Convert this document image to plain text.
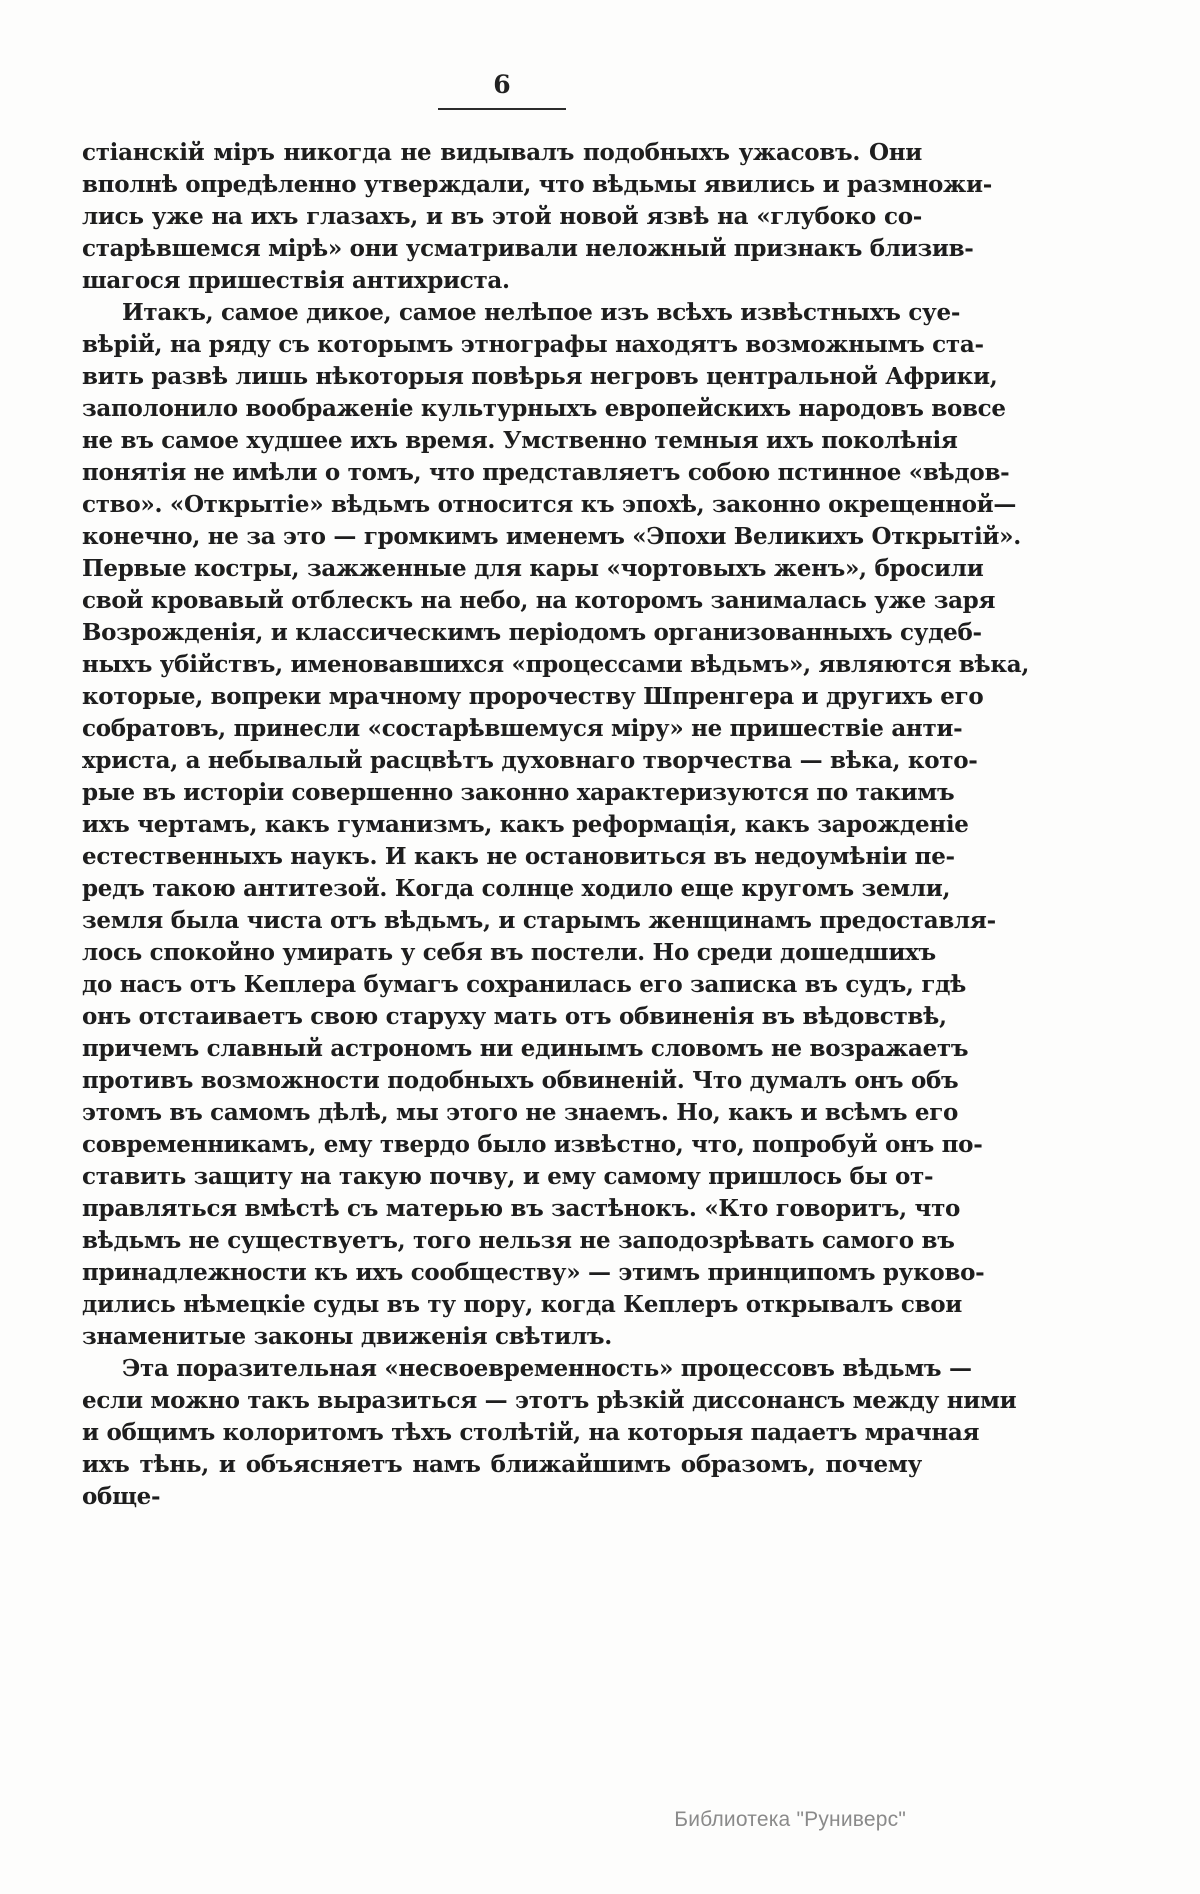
6

стіанскій міръ никогда не видывалъ подобныхъ ужасовъ. Они
вполнѣ опредѣленно утверждали, что вѣдьмы явились и размножи-
лись уже на ихъ глазахъ, и въ этой новой язвѣ на «глубоко со-
старѣвшемся мірѣ» они усматривали неложный признакъ близив-
шагося пришествія антихриста.

Итакъ, самое дикое, самое нелѣпое изъ всѣхъ извѣстныхъ суе-
вѣрій, на ряду съ которымъ этнографы находятъ возможнымъ ста-
вить развѣ лишь нѣкоторыя повѣрья негровъ центральной Африки,
заполонило воображеніе культурныхъ европейскихъ народовъ вовсе
не въ самое худшее ихъ время. Умственно темныя ихъ поколѣнія
понятія не имѣли о томъ, что представляетъ собою пстинное «вѣдов-
ство». «Открытіе» вѣдьмъ относится къ эпохѣ, законно окрещенной—
конечно, не за это — громкимъ именемъ «Эпохи Великихъ Открытій».
Первые костры, зажженные для кары «чортовыхъ женъ», бросили
свой кровавый отблескъ на небо, на которомъ занималась уже заря
Возрожденія, и классическимъ періодомъ организованныхъ судеб-
ныхъ убійствъ, именовавшихся «процессами вѣдьмъ», являются вѣка,
которые, вопреки мрачному пророчеству Шпренгера и другихъ его
собратовъ, принесли «состарѣвшемуся міру» не пришествіе анти-
христа, а небывалый расцвѣтъ духовнаго творчества — вѣка, кото-
рые въ исторіи совершенно законно характеризуются по такимъ
ихъ чертамъ, какъ гуманизмъ, какъ реформація, какъ зарожденіе
естественныхъ наукъ. И какъ не остановиться въ недоумѣніи пе-
редъ такою антитезой. Когда солнце ходило еще кругомъ земли,
земля была чиста отъ вѣдьмъ, и старымъ женщинамъ предоставля-
лось спокойно умирать у себя въ постели. Но среди дошедшихъ
до насъ отъ Кеплера бумагъ сохранилась его записка въ судъ, гдѣ
онъ отстаиваетъ свою старуху мать отъ обвиненія въ вѣдовствѣ,
причемъ славный астрономъ ни единымъ словомъ не возражаетъ
противъ возможности подобныхъ обвиненій. Что думалъ онъ объ
этомъ въ самомъ дѣлѣ, мы этого не знаемъ. Но, какъ и всѣмъ его
современникамъ, ему твердо было извѣстно, что, попробуй онъ по-
ставить защиту на такую почву, и ему самому пришлось бы от-
правляться вмѣстѣ съ матерью въ застѣнокъ. «Кто говоритъ, что
вѣдьмъ не существуетъ, того нельзя не заподозрѣвать самого въ
принадлежности къ ихъ сообществу» — этимъ принципомъ руково-
дились нѣмецкіе суды въ ту пору, когда Кеплеръ открывалъ свои
знаменитые законы движенія свѣтилъ.

Эта поразительная «несвоевременность» процессовъ вѣдьмъ —
если можно такъ выразиться — этотъ рѣзкій диссонансъ между ними
и общимъ колоритомъ тѣхъ столѣтій, на которыя падаетъ мрачная
ихъ тѣнь, и объясняетъ намъ ближайшимъ образомъ, почему обще-

Библиотека "Руниверс"
